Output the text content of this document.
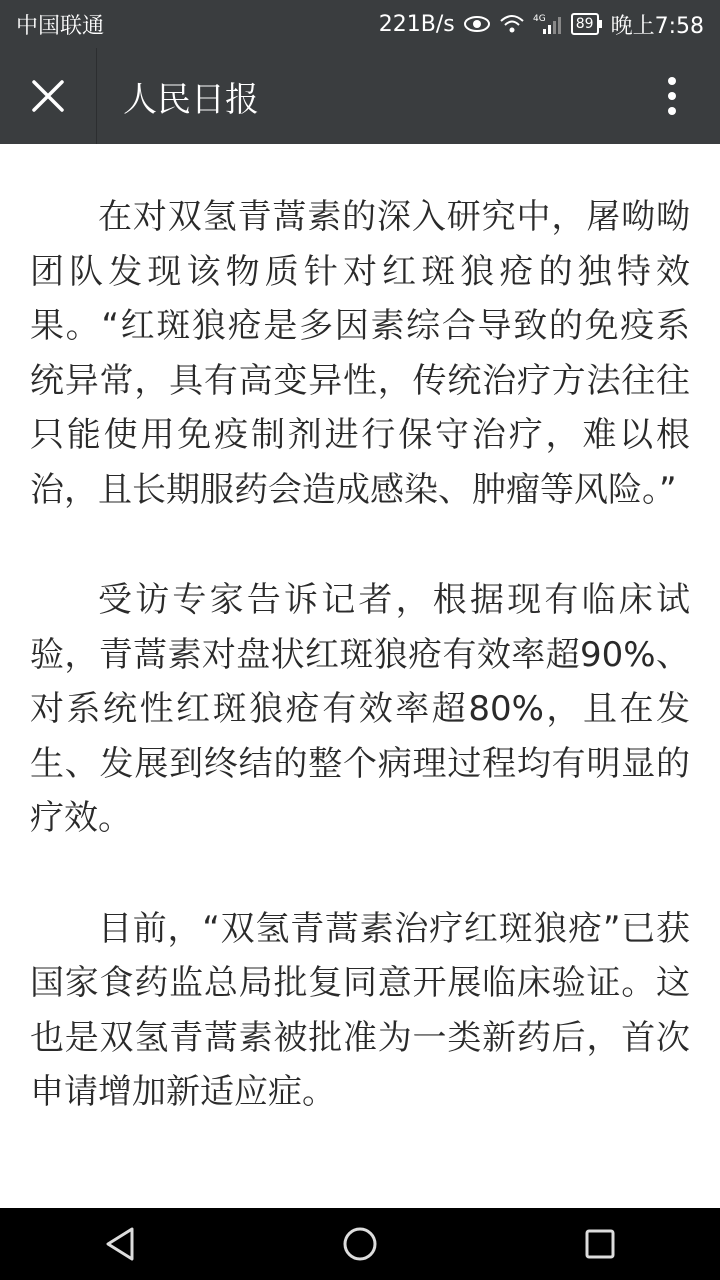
中国联通	221B/s	4G	89 晚上7:58
人民日报

在对双氢青蒿素的深入研究中，屠呦呦团队发现该物质针对红斑狼疮的独特效果。“红斑狼疮是多因素综合导致的免疫系统异常，具有高变异性，传统治疗方法往往只能使用免疫制剂进行保守治疗，难以根治，且长期服药会造成感染、肿瘤等风险。”

受访专家告诉记者，根据现有临床试验，青蒿素对盘状红斑狼疮有效率超90%、对系统性红斑狼疮有效率超80%，且在发生、发展到终结的整个病理过程均有明显的疗效。

目前，“双氢青蒿素治疗红斑狼疮”已获国家食药监总局批复同意开展临床验证。这也是双氢青蒿素被批准为一类新药后，首次申请增加新适应症。
